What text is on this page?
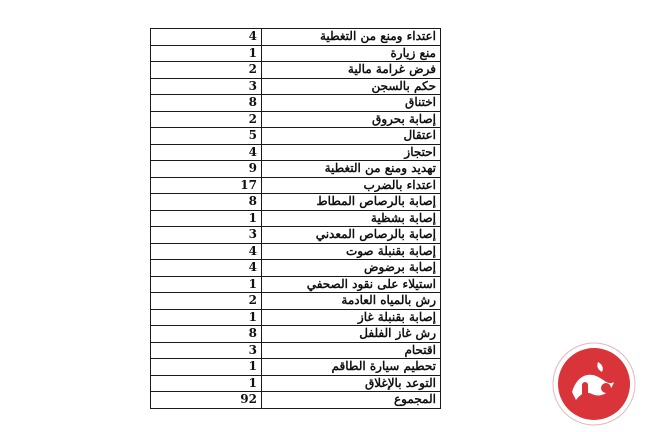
4	اعتداء ومنع من التغطية
1	منع زيارة
2	فرض غرامة مالية
3	حكم بالسجن
8	اختناق
2	إصابة بحروق
5	اعتقال
4	احتجاز
9	تهديد ومنع من التغطية
17	اعتداء بالضرب
8	إصابة بالرصاص المطاط
1	إصابة بشظية
3	إصابة بالرصاص المعدني
4	إصابة بقنبلة صوت
4	إصابة برضوض
1	استيلاء على نقود الصحفي
2	رش بالمياه العادمة
1	إصابة بقنبلة غاز
8	رش غاز الفلفل
3	اقتحام
1	تحطيم سيارة الطاقم
1	التوعد بالإغلاق
92	المجموع
